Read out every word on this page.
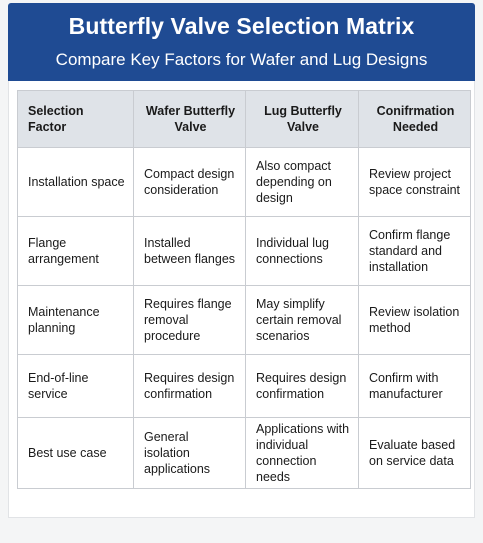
Butterfly Valve Selection Matrix
Compare Key Factors for Wafer and Lug Designs
Selection Factor	Wafer Butterfly Valve	Lug Butterfly Valve	Conifrmation Needed
Installation space	Compact design consideration	Also compact depending on design	Review project space constraint
Flange arrangement	Installed between flanges	Individual lug connections	Confirm flange standard and installation
Maintenance planning	Requires flange removal procedure	May simplify certain removal scenarios	Review isolation method
End-of-line service	Requires design confirmation	Requires design confirmation	Confirm with manufacturer
Best use case	General isolation applications	Applications with individual connection needs	Evaluate based on service data
